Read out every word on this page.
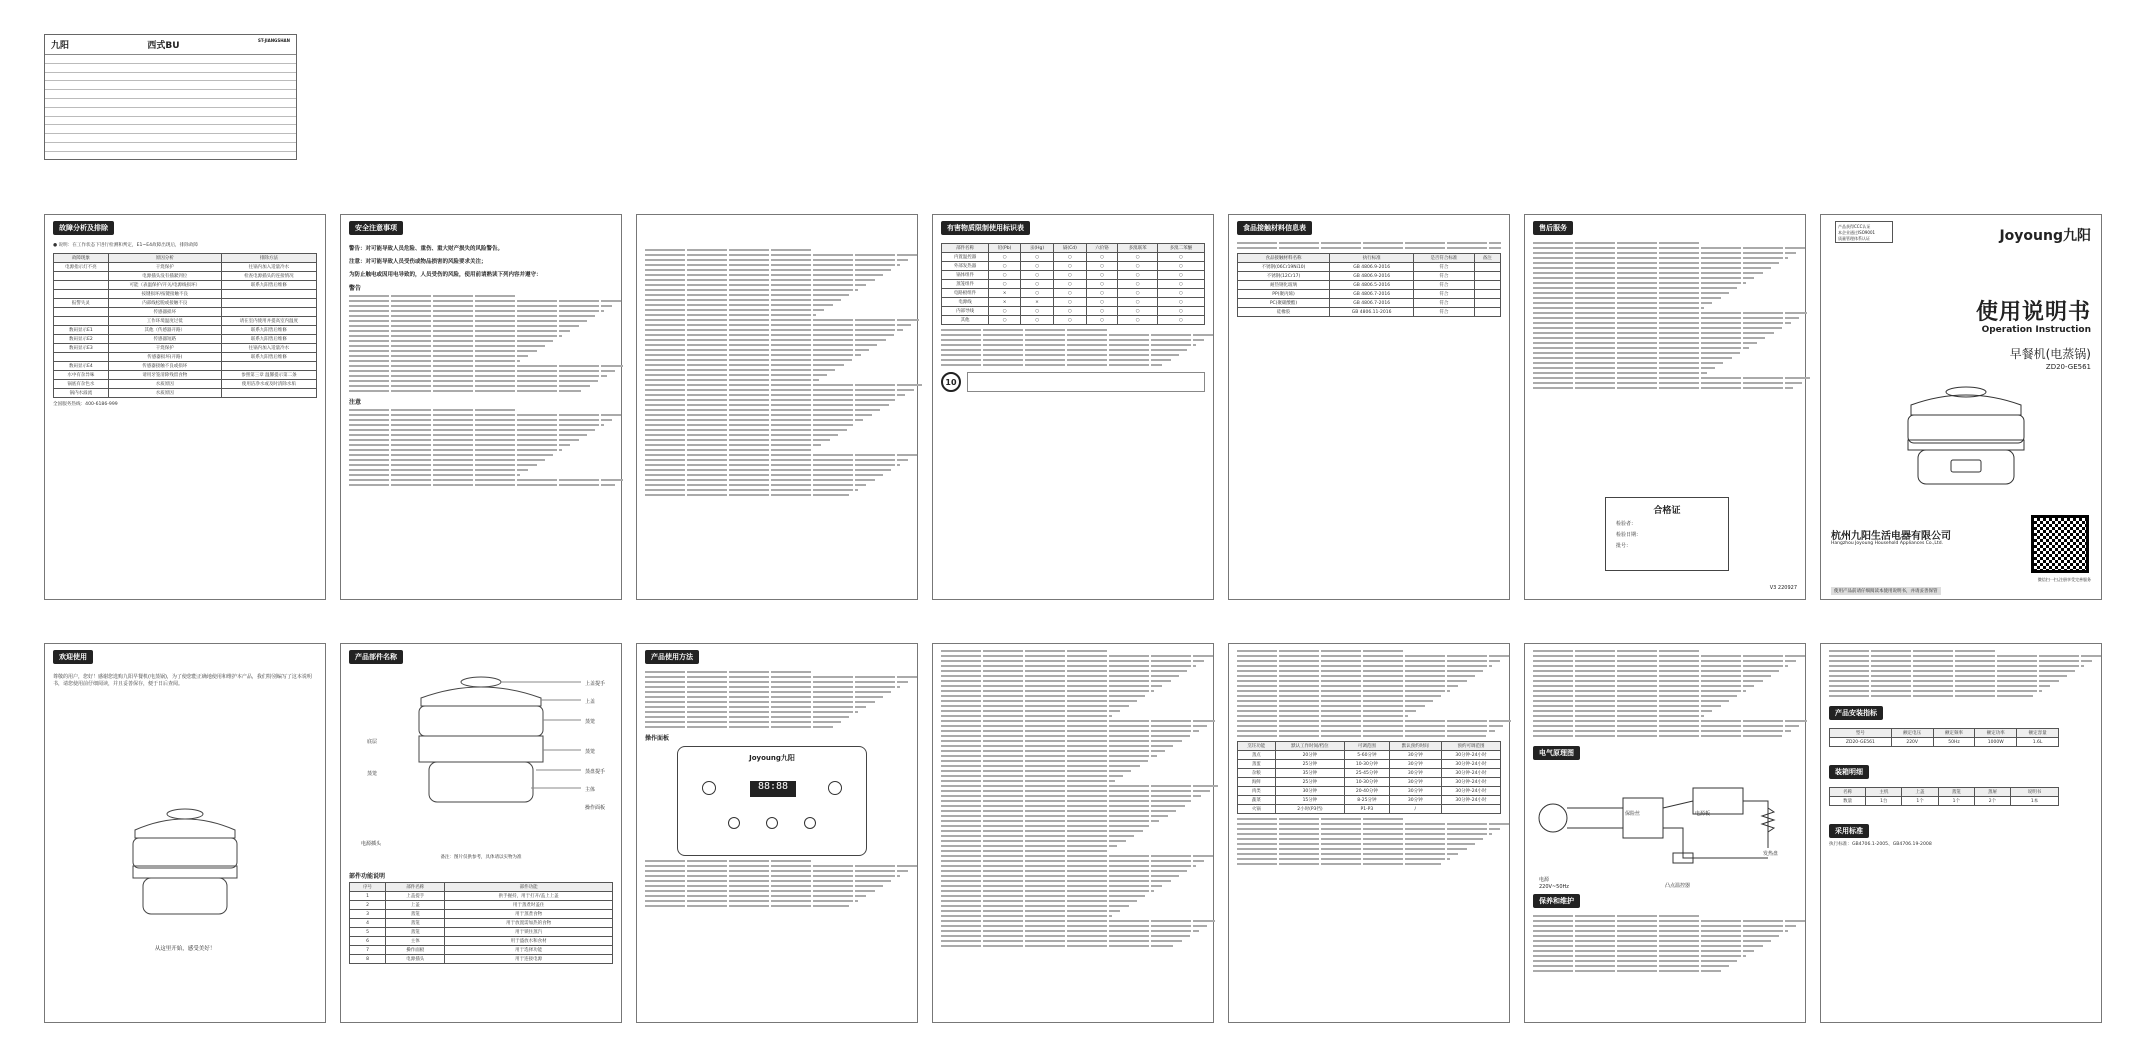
九阳	西式BU
ST-JIANGSHAN
故障分析及排除
● 说明：在工作状态下进行检测和判定，E1~E4故障出现后，排除故障
故障现象	原因分析	排除方法
电源指示灯不亮	干烧保护	往锅内加入适量冷水
	电源插头没有插紧到位	检查电源插头的连接情况
	可能（表温保护/开关/电源线损坏）	联系九阳售后维修
	按键损坏/按键接触不良	
报警失灵	内部线松脱或接触不良	
	传感器损坏	
	工作环境温度过低	请在室内使用并提高室内温度
数码显示E1	其他（传感器开路）	联系九阳售后维修
数码显示E2	传感器短路	联系九阳售后维修
数码显示E3	干烧保护	往锅内加入适量冷水
	传感器损坏(开路)	联系九阳售后维修
数码显示E4	传感器接触不良或损坏	
水中有杂异味	请用牙签清除残留食物	参照第三章 温馨提示第二条
锅底有杂色水	水质原因	使用洁净水或及时清除水垢
锅内水溢流	水质原因	
全国服务热线：400-6186-999
安全注意事项
警告：对可能导致人员危险、重伤、重大财产损失的风险警告。
注意：对可能导致人员受伤或物品损害的风险要求关注；
为防止触电或因用电导致的，人员受伤的风险，使用前请熟读下列内容并遵守：
警告
注意
有害物质限制使用标识表
部件名称	铅(Pb)	汞(Hg)	镉(Cd)	六价铬	多溴联苯	多溴二苯醚
内置温控器	○	○	○	○	○	○
外部发热器	○	○	○	○	○	○
锅体组件	○	○	○	○	○	○
蒸笼组件	○	○	○	○	○	○
电路板组件	×	○	○	○	○	○
电源线	×	×	○	○	○	○
内部导线	○	○	○	○	○	○
其他	○	○	○	○	○	○
10
食品接触材料信息表
食品接触材料名称	执行标准	是否符合标准	备注
不锈钢(06Cr19Ni10)	GB 4806.9-2016	符合	
不锈钢(12Cr17)	GB 4806.9-2016	符合	
耐热钢化玻璃	GB 4806.5-2016	符合	
PP(聚丙烯)	GB 4806.7-2016	符合	
PC(聚碳酸酯)	GB 4806.7-2016	符合	
硅橡胶	GB 4806.11-2016	符合	
售后服务
合格证
检验者：
检验日期：
批号：
V3 220927
产品获得CCC认证
本企业通过ISO9001
质量管理体系认证	Joyoung九阳
使用说明书
Operation Instruction
早餐机(电蒸锅)
ZD20-GE561
杭州九阳生活电器有限公司
Hangzhou Joyoung Household Appliances Co.,Ltd.
微信扫一扫,注册享受完善服务
使用产品前请仔细阅读本使用说明书，并请妥善保管
欢迎使用
尊敬的用户，您好！感谢您选购九阳早餐机(电蒸锅)，为了使您能正确地使用和维护本产品，我们特别编写了这本说明书，请您使用前仔细阅读，并且妥善保存，便于日后查阅。
从这里开始，感受美好！
产品部件名称
上盖提手
上盖
蒸笼
蒸笼
蒸盘提手
主体
操作面板
电源插头
底层
蒸笼
备注：图片仅供参考，具体请以实物为准
部件功能说明
序号	部件名称	部件功能
1	上盖提手	供手握持，用于打开/盖上上盖
2	上盖	用于蒸煮时盖住
3	蒸笼	用于蒸煮食物
4	蒸笼	用于放置需加热的食物
5	蒸笼	用于锁住蒸汽
6	主体	用于盛放水和食材
7	操作面板	用于选择功能
8	电源插头	用于连接电源
产品使用方法
操作面板
Joyoung九阳
88:88
烹饪功能	默认工作时间/档位	可调范围	默认预约时间	预约可调范围
蒸点	20分钟	5-60分钟	30分钟	30分钟-24小时
蒸蛋	25分钟	10-30分钟	30分钟	30分钟-24小时
杂粮	35分钟	25-45分钟	30分钟	30分钟-24小时
海鲜	25分钟	10-30分钟	30分钟	30分钟-24小时
肉类	30分钟	20-40分钟	30分钟	30分钟-24小时
蔬菜	15分钟	8-25分钟	30分钟	30分钟-24小时
火锅	2小时(P3挡)	P1-P3	/	
电气原理图
电源
220V~50Hz
保险丝	电源板
发热盘
凸点温控器
保养和维护
产品安装指标
型号	额定电压	额定频率	额定功率	额定容量
ZD20-GE561	220V	50Hz	1000W	1.6L
装箱明细
名称	主机	上盖	蒸笼	蒸屉	说明书
数量	1台	1个	1个	2个	1本
采用标准
执行标准：GB4706.1-2005、GB4706.19-2008
